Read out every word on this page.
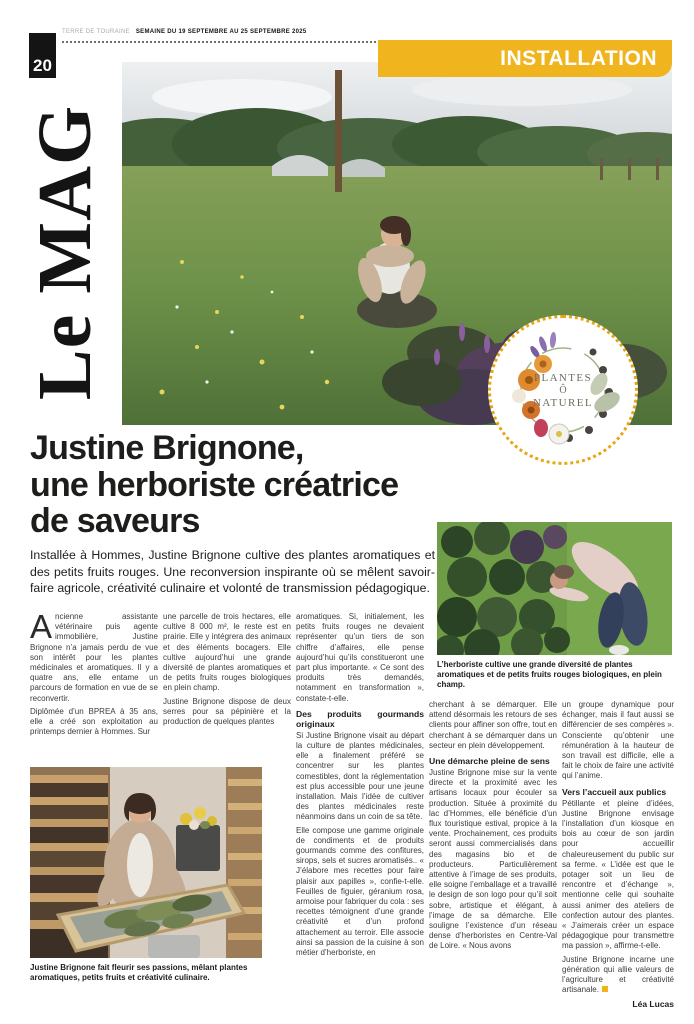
20
TERRE DE TOURAINE SEMAINE DU 19 SEPTEMBRE AU 25 SEPTEMBRE 2025
INSTALLATION
Le MAG	PLANTES
Ô
NATUREL
Justine Brignone,
une herboriste créatrice
de saveurs

Installée à Hommes, Justine Brignone cultive des plantes aromatiques et des petits fruits rouges. Une reconversion inspirante où se mêlent savoir-faire agricole, créativité culinaire et volonté de transmission pédagogique.

L’herboriste cultive une grande diversité de plantes aromatiques et de petits fruits rouges biologiques, en plein champ.

Ancienne assistante vétérinaire puis agente immobilière, Justine Brignone n’a jamais perdu de vue son intérêt pour les plantes médicinales et aromatiques. Il y a quatre ans, elle entame un parcours de formation en vue de se reconvertir.

Diplômée d’un BPREA à 35 ans, elle a créé son exploitation au printemps dernier à Hommes. Sur

une parcelle de trois hectares, elle cultive 8 000 m², le reste est en prairie. Elle y intégrera des animaux et des éléments bocagers. Elle cultive aujourd’hui une grande diversité de plantes aromatiques et de petits fruits rouges biologiques en plein champ.

Justine Brignone dispose de deux serres pour sa pépinière et la production de quelques plantes

aromatiques. Si, initialement, les petits fruits rouges ne devaient représenter qu’un tiers de son chiffre d’affaires, elle pense aujourd’hui qu’ils constitueront une part plus importante. « Ce sont des produits très demandés, notamment en transformation », constate-t-elle.

Des produits gourmands originaux

Si Justine Brignone visait au départ la culture de plantes médicinales, elle a finalement préféré se concentrer sur les plantes comestibles, dont la réglementation est plus accessible pour une jeune installation. Mais l’idée de cultiver des plantes médicinales reste néanmoins dans un coin de sa tête.

Elle compose une gamme originale de condiments et de produits gourmands comme des confitures, sirops, sels et sucres aromatisés.. « J’élabore mes recettes pour faire plaisir aux papilles », confie-t-elle. Feuilles de figuier, géranium rosa, armoise pour fabriquer du cola : ses recettes témoignent d’une grande créativité et d’un profond attachement au terroir. Elle associe ainsi sa passion de la cuisine à son métier d’herboriste, en

cherchant à se démarquer. Elle attend désormais les retours de ses clients pour affiner son offre, tout en cherchant à se démarquer dans un secteur en plein développement.

Une démarche pleine de sens

Justine Brignone mise sur la vente directe et la proximité avec les artisans locaux pour écouler sa production. Située à proximité du lac d’Hommes, elle bénéficie d’un flux touristique estival, propice à la vente. Prochainement, ces produits seront aussi commercialisés dans des magasins bio et de producteurs. Particulièrement attentive à l’image de ses produits, elle soigne l’emballage et a travaillé le design de son logo pour qu’il soit sobre, artistique et élégant, à l’image de sa démarche. Elle souligne l’existence d’un réseau dense d’herboristes en Centre-Val de Loire. « Nous avons

un groupe dynamique pour échanger, mais il faut aussi se différencier de ses compères ». Consciente qu’obtenir une rémunération à la hauteur de son travail est difficile, elle a fait le choix de faire une activité qui l’anime.

Vers l’accueil aux publics

Pétillante et pleine d’idées, Justine Brignone envisage l’installation d’un kiosque en bois au cœur de son jardin pour accueillir chaleureusement du public sur sa ferme. « L’idée est que le potager soit un lieu de rencontre et d’échange », mentionne celle qui souhaite aussi animer des ateliers de confection autour des plantes. « J’aimerais créer un espace pédagogique pour transmettre ma passion », affirme-t-elle.

Justine Brignone incarne une génération qui allie valeurs de l’agriculture et créativité artisanale.

Léa Lucas

Justine Brignone fait fleurir ses passions, mêlant plantes aromatiques, petits fruits et créativité culinaire.
